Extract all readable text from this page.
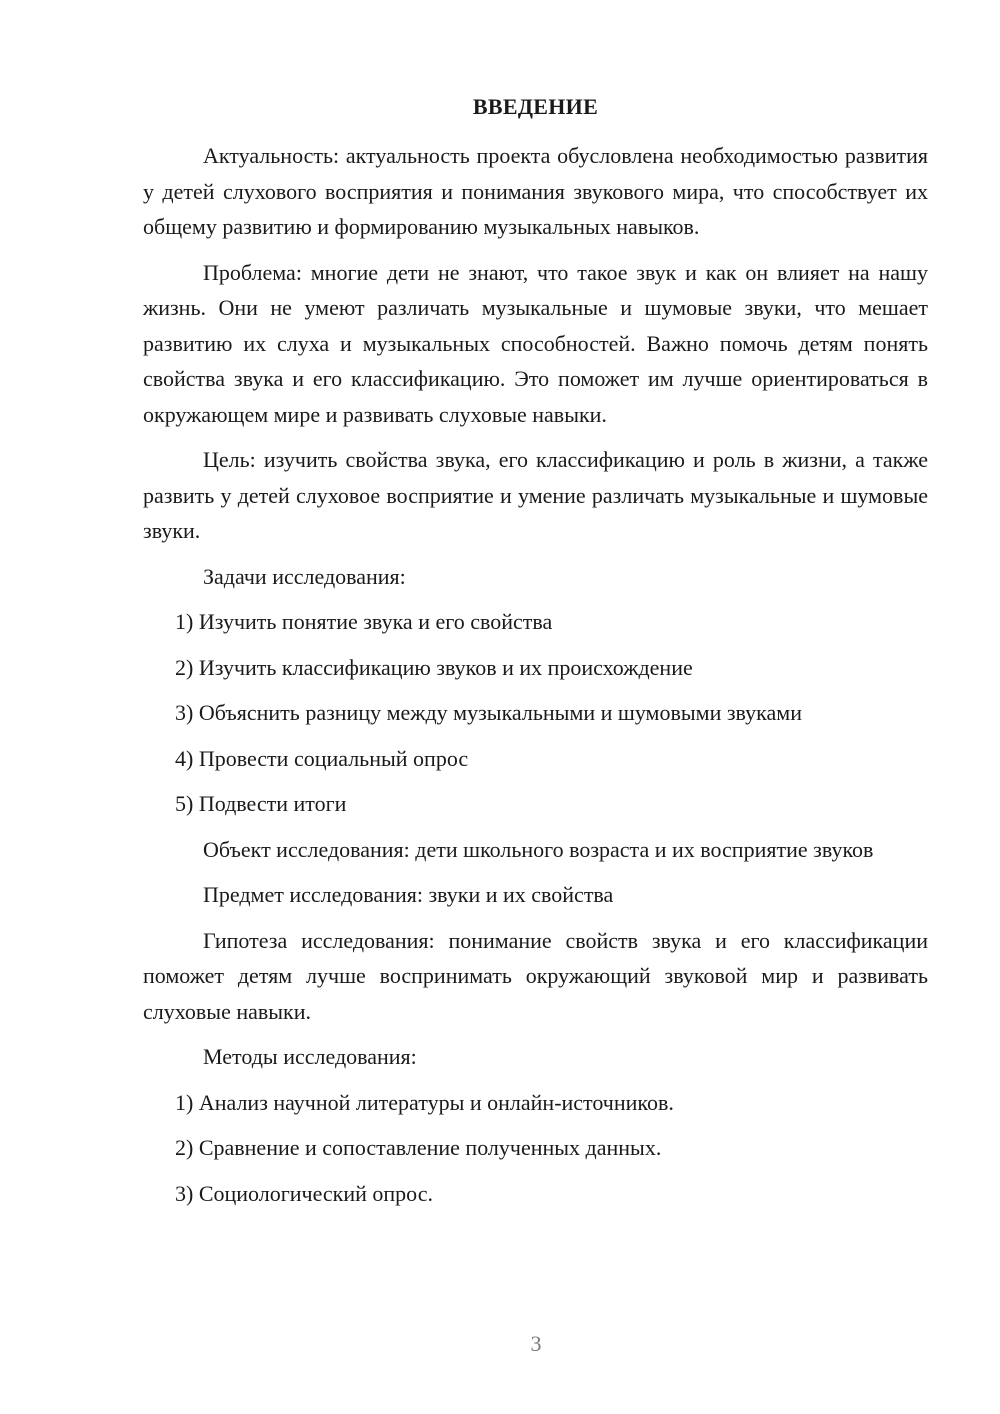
ВВЕДЕНИЕ

Актуальность: актуальность проекта обусловлена необходимостью развития у детей слухового восприятия и понимания звукового мира, что способствует их общему развитию и формированию музыкальных навыков.

Проблема: многие дети не знают, что такое звук и как он влияет на нашу жизнь. Они не умеют различать музыкальные и шумовые звуки, что мешает развитию их слуха и музыкальных способностей. Важно помочь детям понять свойства звука и его классификацию. Это поможет им лучше ориентироваться в окружающем мире и развивать слуховые навыки.

Цель: изучить свойства звука, его классификацию и роль в жизни, а также развить у детей слуховое восприятие и умение различать музыкальные и шумовые звуки.

Задачи исследования:

1) Изучить понятие звука и его свойства

2) Изучить классификацию звуков и их происхождение

3) Объяснить разницу между музыкальными и шумовыми звуками

4) Провести социальный опрос

5) Подвести итоги

Объект исследования: дети школьного возраста и их восприятие звуков

Предмет исследования: звуки и их свойства

Гипотеза исследования: понимание свойств звука и его классификации поможет детям лучше воспринимать окружающий звуковой мир и развивать слуховые навыки.

Методы исследования:

1) Анализ научной литературы и онлайн-источников.

2) Сравнение и сопоставление полученных данных.

3) Социологический опрос.

3
